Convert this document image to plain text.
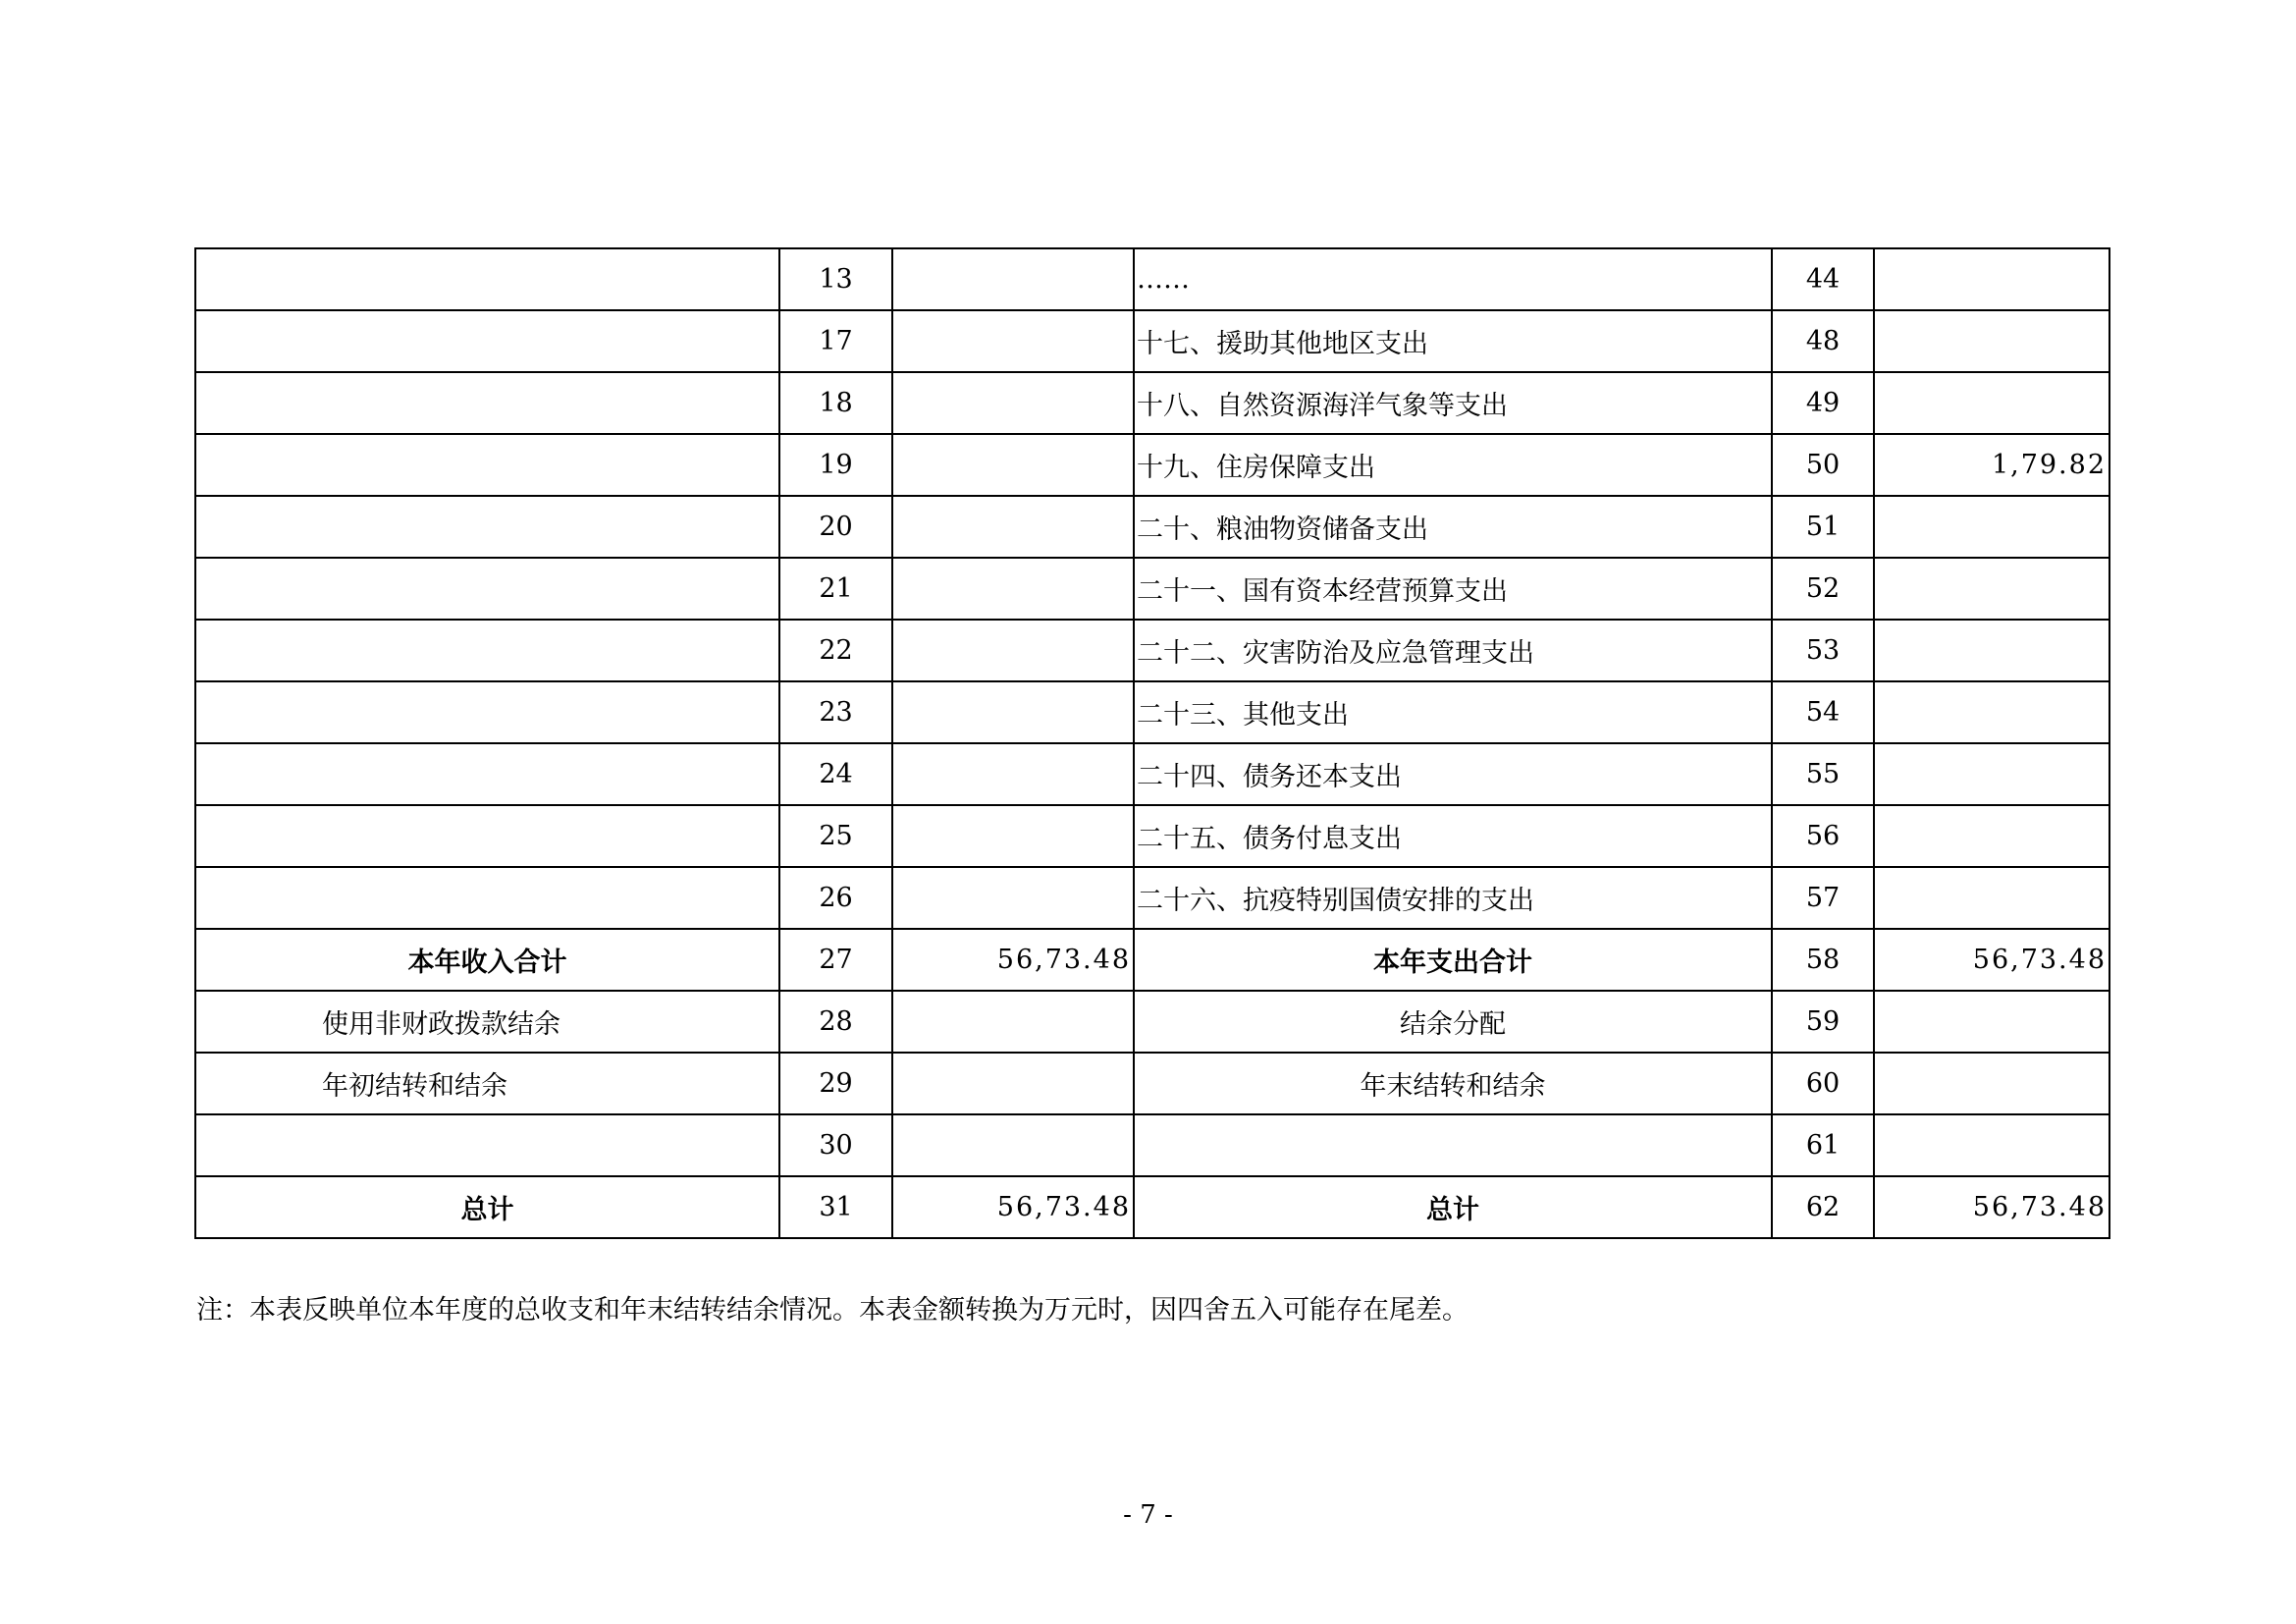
	13		……	44	
	17		十七、援助其他地区支出	48	
	18		十八、自然资源海洋气象等支出	49	
	19		十九、住房保障支出	50	1,79.82
	20		二十、粮油物资储备支出	51	
	21		二十一、国有资本经营预算支出	52	
	22		二十二、灾害防治及应急管理支出	53	
	23		二十三、其他支出	54	
	24		二十四、债务还本支出	55	
	25		二十五、债务付息支出	56	
	26		二十六、抗疫特别国债安排的支出	57	
本年收入合计	27	56,73.48	本年支出合计	58	56,73.48
使用非财政拨款结余	28		结余分配	59	
年初结转和结余	29		年末结转和结余	60	
	30			61	
总计	31	56,73.48	总计	62	56,73.48
注：本表反映单位本年度的总收支和年末结转结余情况。本表金额转换为万元时，因四舍五入可能存在尾差。
- 7 -
